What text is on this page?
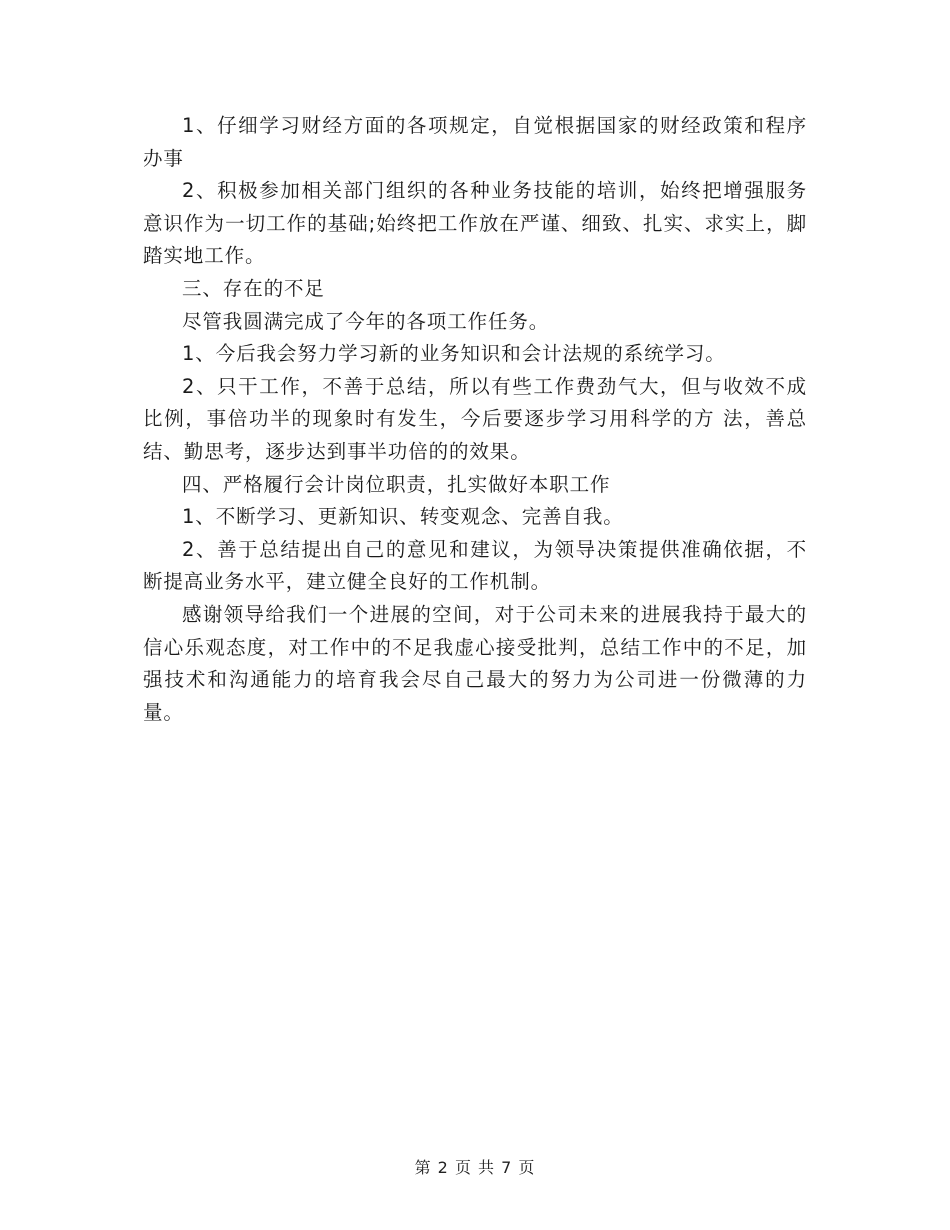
1、仔细学习财经方面的各项规定，自觉根据国家的财经政策和程序办事

2、积极参加相关部门组织的各种业务技能的培训，始终把增强服务意识作为一切工作的基础;始终把工作放在严谨、细致、扎实、求实上，脚踏实地工作。

三、存在的不足

尽管我圆满完成了今年的各项工作任务。

1、今后我会努力学习新的业务知识和会计法规的系统学习。

2、只干工作，不善于总结，所以有些工作费劲气大，但与收效不成比例，事倍功半的现象时有发生，今后要逐步学习用科学的方 法，善总结、勤思考，逐步达到事半功倍的的效果。

四、严格履行会计岗位职责，扎实做好本职工作

1、不断学习、更新知识、转变观念、完善自我。

2、善于总结提出自己的意见和建议，为领导决策提供准确依据，不断提高业务水平，建立健全良好的工作机制。

感谢领导给我们一个进展的空间，对于公司未来的进展我持于最大的信心乐观态度，对工作中的不足我虚心接受批判，总结工作中的不足，加强技术和沟通能力的培育我会尽自己最大的努力为公司进一份微薄的力量。

第 2 页 共 7 页
